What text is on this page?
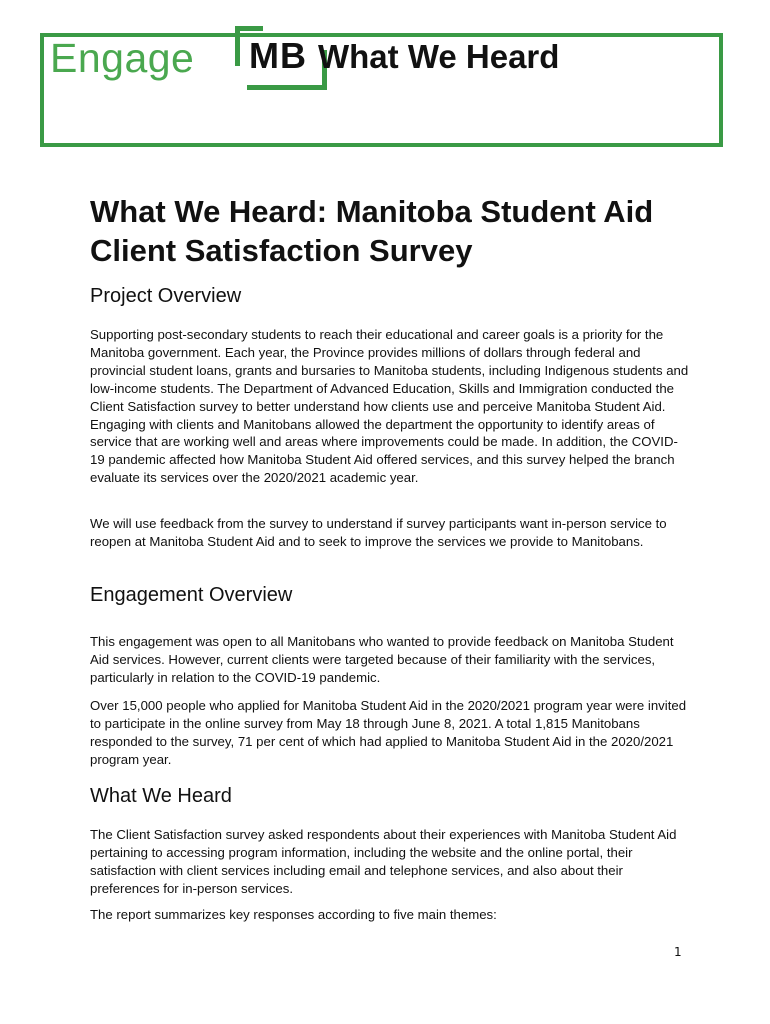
Engage MB What We Heard
What We Heard: Manitoba Student Aid Client Satisfaction Survey
Project Overview

Supporting post-secondary students to reach their educational and career goals is a priority for the Manitoba government. Each year, the Province provides millions of dollars through federal and provincial student loans, grants and bursaries to Manitoba students, including Indigenous students and low-income students. The Department of Advanced Education, Skills and Immigration conducted the Client Satisfaction survey to better understand how clients use and perceive Manitoba Student Aid. Engaging with clients and Manitobans allowed the department the opportunity to identify areas of service that are working well and areas where improvements could be made. In addition, the COVID-19 pandemic affected how Manitoba Student Aid offered services, and this survey helped the branch evaluate its services over the 2020/2021 academic year.

We will use feedback from the survey to understand if survey participants want in-person service to reopen at Manitoba Student Aid and to seek to improve the services we provide to Manitobans.

Engagement Overview

This engagement was open to all Manitobans who wanted to provide feedback on Manitoba Student Aid services. However, current clients were targeted because of their familiarity with the services, particularly in relation to the COVID-19 pandemic.

Over 15,000 people who applied for Manitoba Student Aid in the 2020/2021 program year were invited to participate in the online survey from May 18 through June 8, 2021. A total 1,815 Manitobans responded to the survey, 71 per cent of which had applied to Manitoba Student Aid in the 2020/2021 program year.

What We Heard

The Client Satisfaction survey asked respondents about their experiences with Manitoba Student Aid pertaining to accessing program information, including the website and the online portal, their satisfaction with client services including email and telephone services, and also about their preferences for in-person services.

The report summarizes key responses according to five main themes:

1
